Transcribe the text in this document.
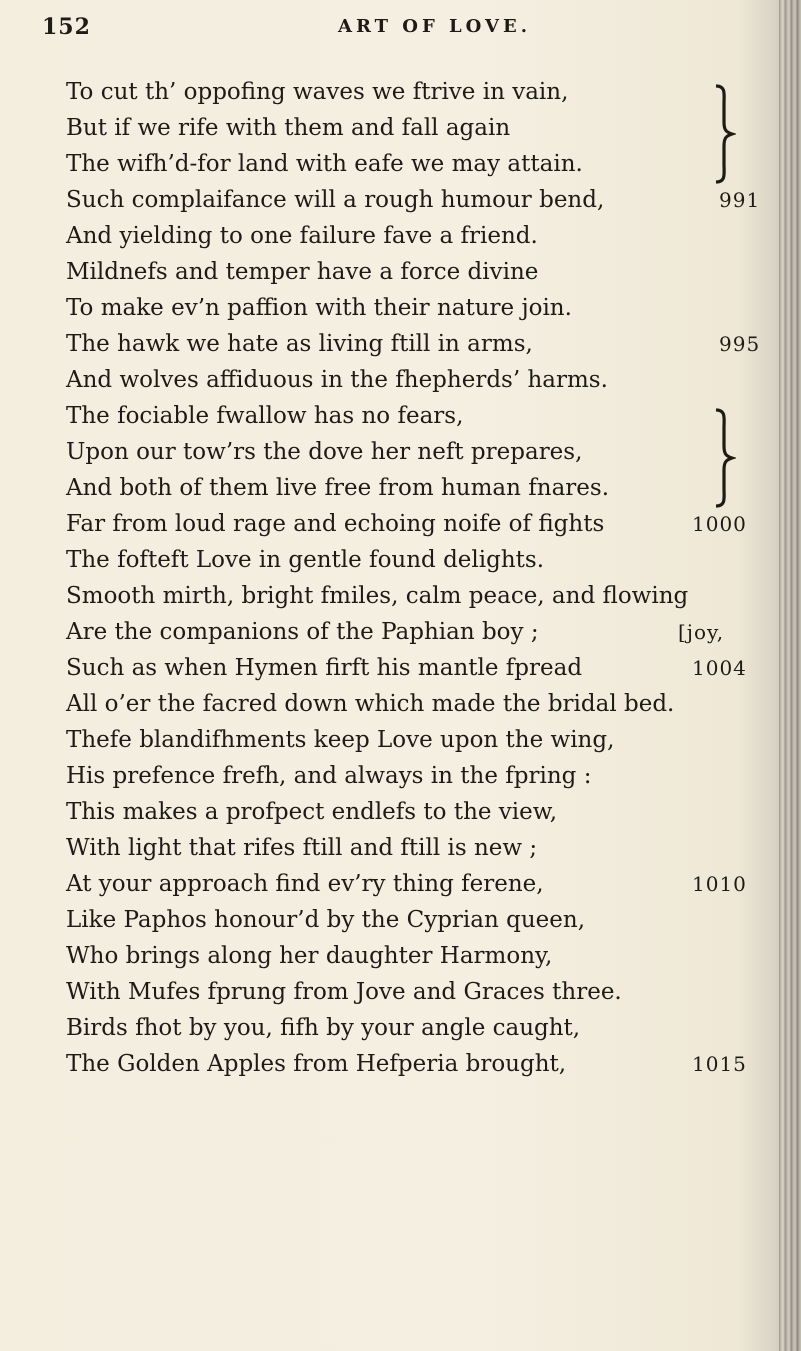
152	ART OF LOVE.
To cut th’ oppofing waves we ftrive in vain,
But if we rife with them and fall again
The wifh’d-for land with eafe we may attain.
Such complaifance will a rough humour bend,
And yielding to one failure fave a friend.
Mildnefs and temper have a force divine
To make ev’n paffion with their nature join.
The hawk we hate as living ftill in arms,
And wolves affiduous in the fhepherds’ harms.
The fociable fwallow has no fears,
Upon our tow’rs the dove her neft prepares,
And both of them live free from human fnares.
Far from loud rage and echoing noife of fights
The fofteft Love in gentle found delights.
Smooth mirth, bright fmiles, calm peace, and flowing
Are the companions of the Paphian boy ;
Such as when Hymen firft his mantle fpread
All o’er the facred down which made the bridal bed.
Thefe blandifhments keep Love upon the wing,
His prefence frefh, and always in the fpring :
This makes a profpect endlefs to the view,
With light that rifes ftill and ftill is new ;
At your approach find ev’ry thing ferene,
Like Paphos honour’d by the Cyprian queen,
Who brings along her daughter Harmony,
With Mufes fprung from Jove and Graces three.
Birds fhot by you, fifh by your angle caught,
The Golden Apples from Hefperia brought,
991
995
1000
[joy,
1004
1010
1015
